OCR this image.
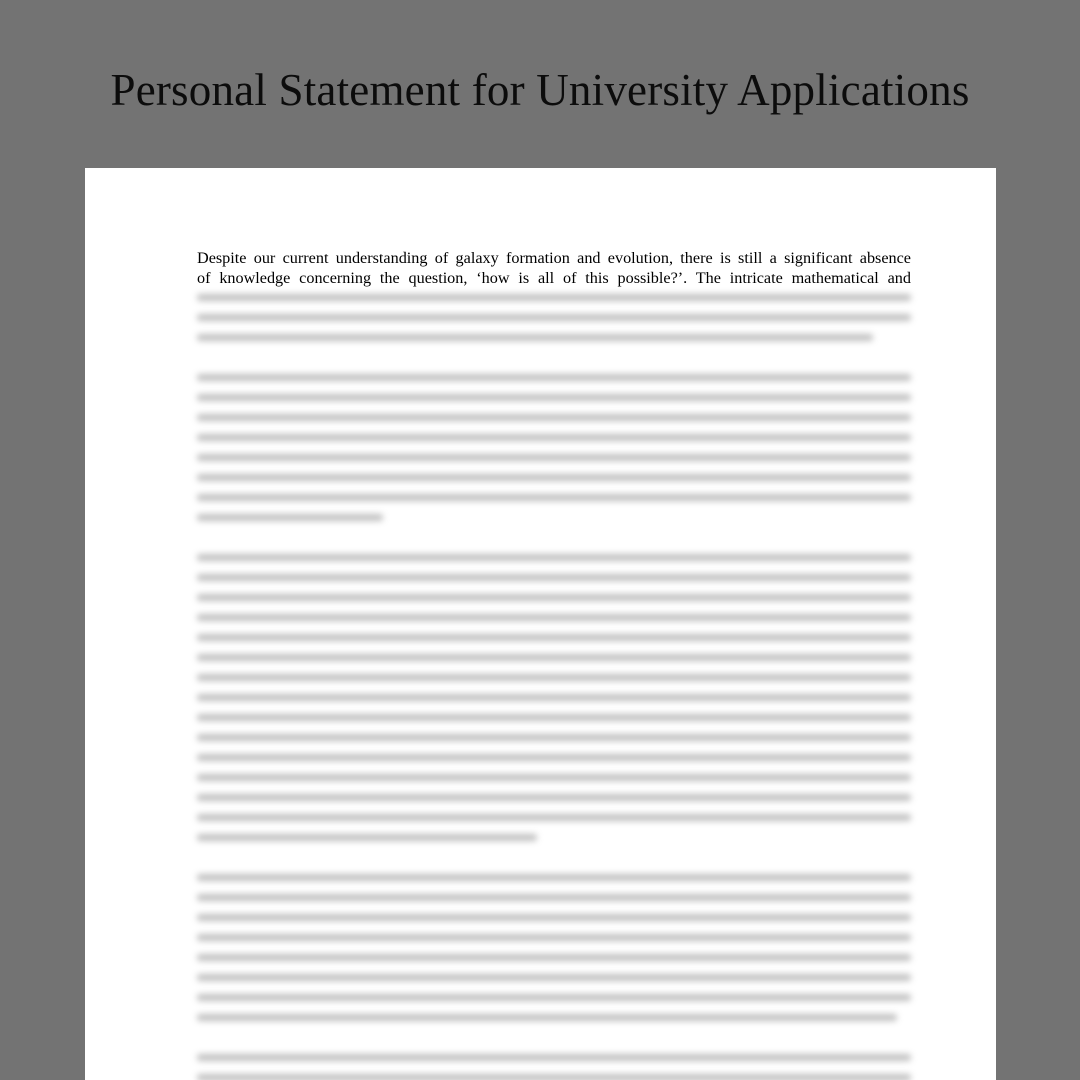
Personal Statement for University Applications
Despite our current understanding of galaxy formation and evolution, there is still a significant absence
of knowledge concerning the question, ‘how is all of this possible?’. The intricate mathematical and
